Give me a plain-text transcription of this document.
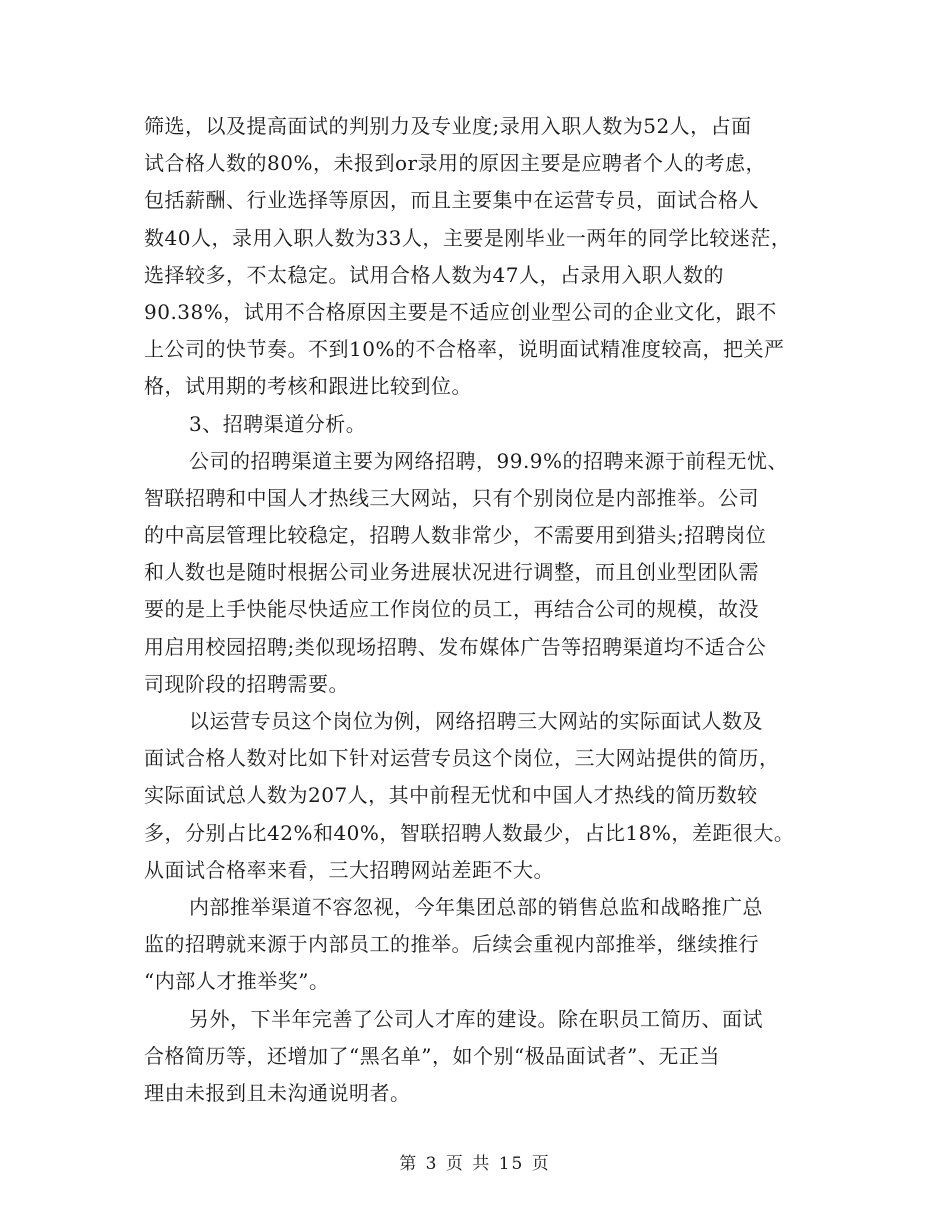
筛选，以及提高面试的判别力及专业度;录用入职人数为52人，占面
试合格人数的80%，未报到or录用的原因主要是应聘者个人的考虑，
包括薪酬、行业选择等原因，而且主要集中在运营专员，面试合格人
数40人，录用入职人数为33人，主要是刚毕业一两年的同学比较迷茫，
选择较多，不太稳定。试用合格人数为47人，占录用入职人数的
90.38%，试用不合格原因主要是不适应创业型公司的企业文化，跟不
上公司的快节奏。不到10%的不合格率，说明面试精准度较高，把关严
格，试用期的考核和跟进比较到位。
3、招聘渠道分析。
公司的招聘渠道主要为网络招聘，99.9%的招聘来源于前程无忧、
智联招聘和中国人才热线三大网站，只有个别岗位是内部推举。公司
的中高层管理比较稳定，招聘人数非常少，不需要用到猎头;招聘岗位
和人数也是随时根据公司业务进展状况进行调整，而且创业型团队需
要的是上手快能尽快适应工作岗位的员工，再结合公司的规模，故没
用启用校园招聘;类似现场招聘、发布媒体广告等招聘渠道均不适合公
司现阶段的招聘需要。
以运营专员这个岗位为例，网络招聘三大网站的实际面试人数及
面试合格人数对比如下针对运营专员这个岗位，三大网站提供的简历，
实际面试总人数为207人，其中前程无忧和中国人才热线的简历数较
多，分别占比42%和40%，智联招聘人数最少，占比18%，差距很大。
从面试合格率来看，三大招聘网站差距不大。
内部推举渠道不容忽视，今年集团总部的销售总监和战略推广总
监的招聘就来源于内部员工的推举。后续会重视内部推举，继续推行
“内部人才推举奖”。
另外，下半年完善了公司人才库的建设。除在职员工简历、面试
合格简历等，还增加了“黑名单”，如个别“极品面试者”、无正当
理由未报到且未沟通说明者。
第 3 页 共 15 页
